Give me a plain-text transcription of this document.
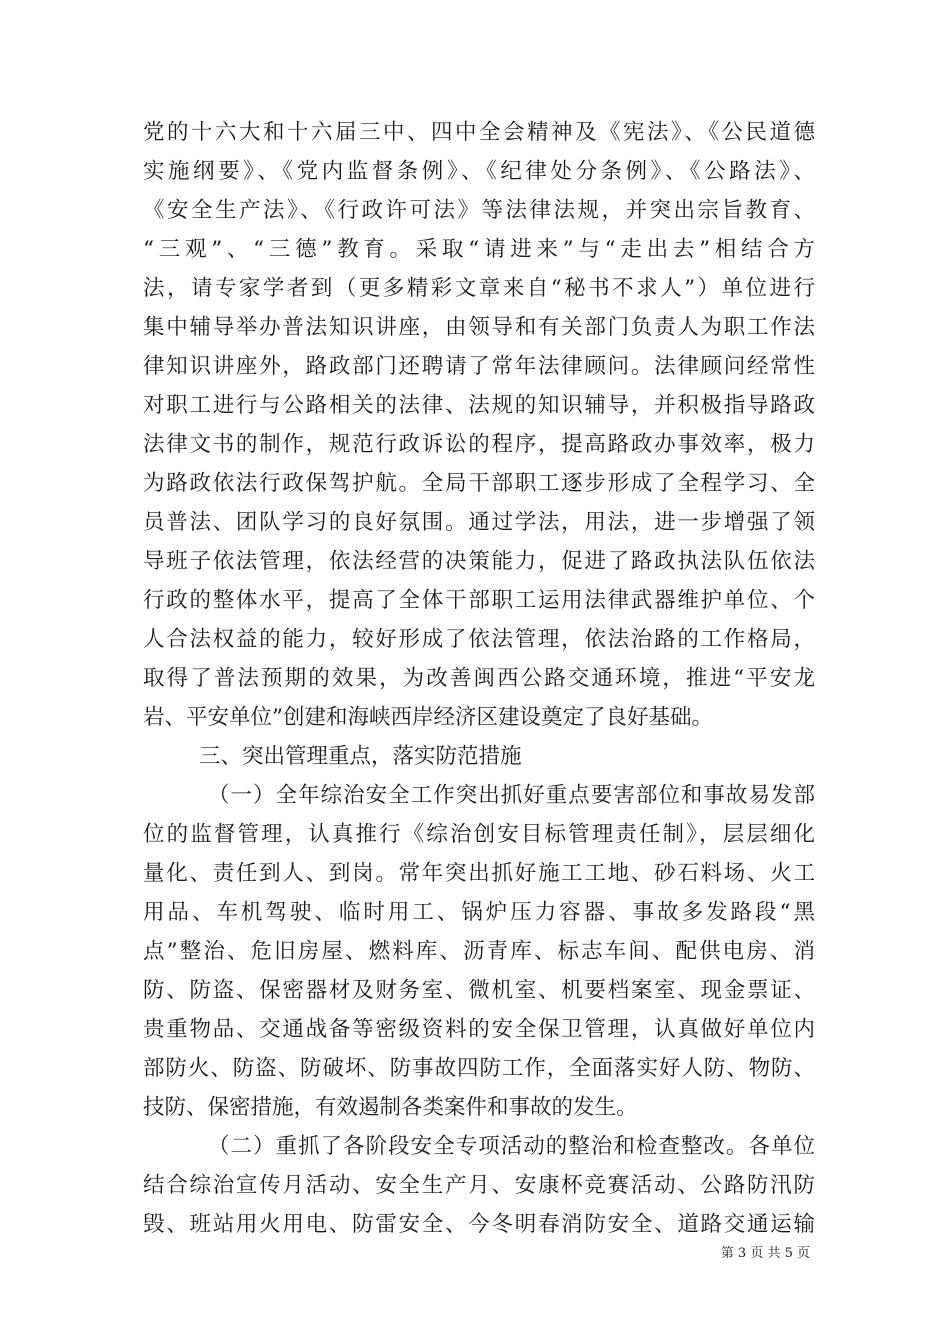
党的十六大和十六届三中、四中全会精神及《宪法》、《公民道德
实施纲要》、《党内监督条例》、《纪律处分条例》、《公路法》、
《安全生产法》、《行政许可法》等法律法规，并突出宗旨教育、
“三观”、“三德”教育。采取“请进来”与“走出去”相结合方
法，请专家学者到（更多精彩文章来自“秘书不求人”）单位进行
集中辅导举办普法知识讲座，由领导和有关部门负责人为职工作法
律知识讲座外，路政部门还聘请了常年法律顾问。法律顾问经常性
对职工进行与公路相关的法律、法规的知识辅导，并积极指导路政
法律文书的制作，规范行政诉讼的程序，提高路政办事效率，极力
为路政依法行政保驾护航。全局干部职工逐步形成了全程学习、全
员普法、团队学习的良好氛围。通过学法，用法，进一步增强了领
导班子依法管理，依法经营的决策能力，促进了路政执法队伍依法
行政的整体水平，提高了全体干部职工运用法律武器维护单位、个
人合法权益的能力，较好形成了依法管理，依法治路的工作格局，
取得了普法预期的效果，为改善闽西公路交通环境，推进“平安龙
岩、平安单位”创建和海峡西岸经济区建设奠定了良好基础。
三、突出管理重点，落实防范措施
（一）全年综治安全工作突出抓好重点要害部位和事故易发部
位的监督管理，认真推行《综治创安目标管理责任制》，层层细化
量化、责任到人、到岗。常年突出抓好施工工地、砂石料场、火工
用品、车机驾驶、临时用工、锅炉压力容器、事故多发路段“黑
点”整治、危旧房屋、燃料库、沥青库、标志车间、配供电房、消
防、防盗、保密器材及财务室、微机室、机要档案室、现金票证、
贵重物品、交通战备等密级资料的安全保卫管理，认真做好单位内
部防火、防盗、防破坏、防事故四防工作，全面落实好人防、物防、
技防、保密措施，有效遏制各类案件和事故的发生。
（二）重抓了各阶段安全专项活动的整治和检查整改。各单位
结合综治宣传月活动、安全生产月、安康杯竞赛活动、公路防汛防
毁、班站用火用电、防雷安全、今冬明春消防安全、道路交通运输
第 3 页 共 5 页
